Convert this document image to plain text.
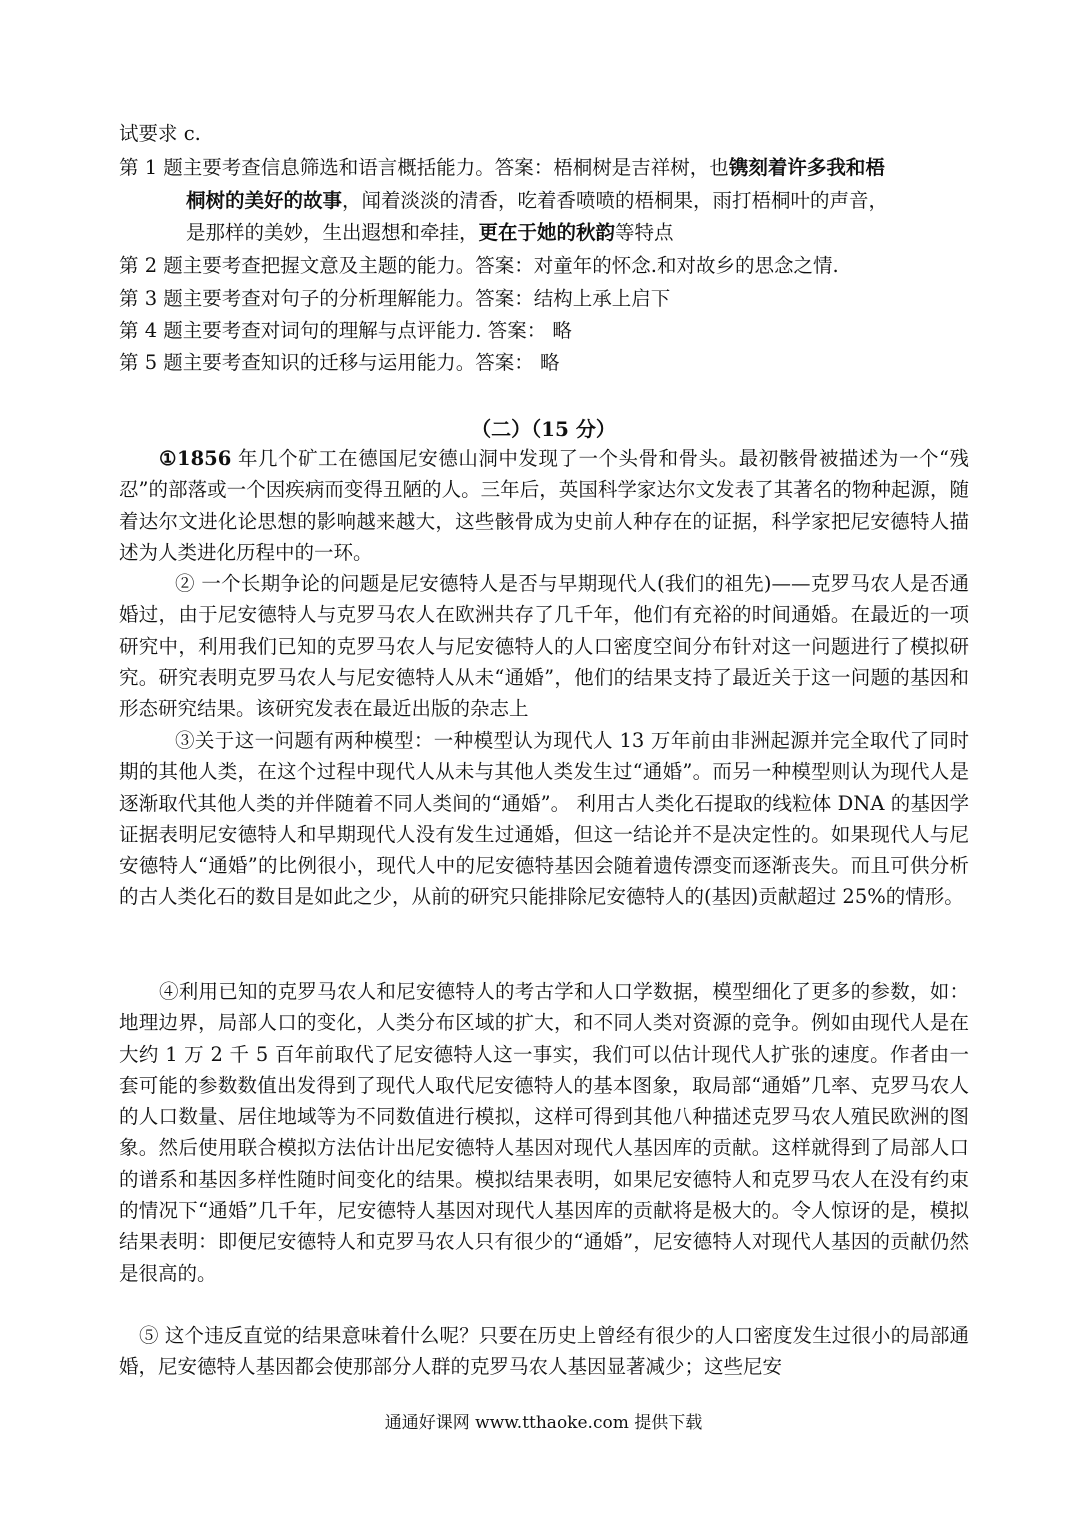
试要求 c.
第 1 题主要考查信息筛选和语言概括能力。答案：梧桐树是吉祥树，也镌刻着许多我和梧
桐树的美好的故事，闻着淡淡的清香，吃着香喷喷的梧桐果，雨打梧桐叶的声音，
是那样的美妙，生出遐想和牵挂，更在于她的秋韵等特点
第 2 题主要考查把握文意及主题的能力。答案：对童年的怀念.和对故乡的思念之情.
第 3 题主要考查对句子的分析理解能力。答案：结构上承上启下
第 4 题主要考查对词句的理解与点评能力. 答案： 略
第 5 题主要考查知识的迁移与运用能力。答案： 略
（二）（15 分）

①1856 年几个矿工在德国尼安德山洞中发现了一个头骨和骨头。最初骸骨被描述为一个“残忍”的部落或一个因疾病而变得丑陋的人。三年后，英国科学家达尔文发表了其著名的物种起源，随着达尔文进化论思想的影响越来越大，这些骸骨成为史前人种存在的证据，科学家把尼安德特人描述为人类进化历程中的一环。

② 一个长期争论的问题是尼安德特人是否与早期现代人(我们的祖先)——克罗马农人是否通婚过，由于尼安德特人与克罗马农人在欧洲共存了几千年，他们有充裕的时间通婚。在最近的一项研究中，利用我们已知的克罗马农人与尼安德特人的人口密度空间分布针对这一问题进行了模拟研究。研究表明克罗马农人与尼安德特人从未“通婚”，他们的结果支持了最近关于这一问题的基因和形态研究结果。该研究发表在最近出版的杂志上

③关于这一问题有两种模型：一种模型认为现代人 13 万年前由非洲起源并完全取代了同时期的其他人类，在这个过程中现代人从未与其他人类发生过“通婚”。而另一种模型则认为现代人是逐渐取代其他人类的并伴随着不同人类间的“通婚”。 利用古人类化石提取的线粒体 DNA 的基因学证据表明尼安德特人和早期现代人没有发生过通婚，但这一结论并不是决定性的。如果现代人与尼安德特人“通婚”的比例很小，现代人中的尼安德特基因会随着遗传漂变而逐渐丧失。而且可供分析的古人类化石的数目是如此之少，从前的研究只能排除尼安德特人的(基因)贡献超过 25%的情形。

④利用已知的克罗马农人和尼安德特人的考古学和人口学数据，模型细化了更多的参数，如：地理边界，局部人口的变化，人类分布区域的扩大，和不同人类对资源的竞争。例如由现代人是在大约 1 万 2 千 5 百年前取代了尼安德特人这一事实，我们可以估计现代人扩张的速度。作者由一套可能的参数数值出发得到了现代人取代尼安德特人的基本图象，取局部“通婚”几率、克罗马农人的人口数量、居住地域等为不同数值进行模拟，这样可得到其他八种描述克罗马农人殖民欧洲的图象。然后使用联合模拟方法估计出尼安德特人基因对现代人基因库的贡献。这样就得到了局部人口的谱系和基因多样性随时间变化的结果。模拟结果表明，如果尼安德特人和克罗马农人在没有约束的情况下“通婚”几千年，尼安德特人基因对现代人基因库的贡献将是极大的。令人惊讶的是，模拟结果表明：即便尼安德特人和克罗马农人只有很少的“通婚”，尼安德特人对现代人基因的贡献仍然是很高的。

⑤ 这个违反直觉的结果意味着什么呢？只要在历史上曾经有很少的人口密度发生过很小的局部通婚，尼安德特人基因都会使那部分人群的克罗马农人基因显著减少；这些尼安

通通好课网 www.tthaoke.com 提供下载
